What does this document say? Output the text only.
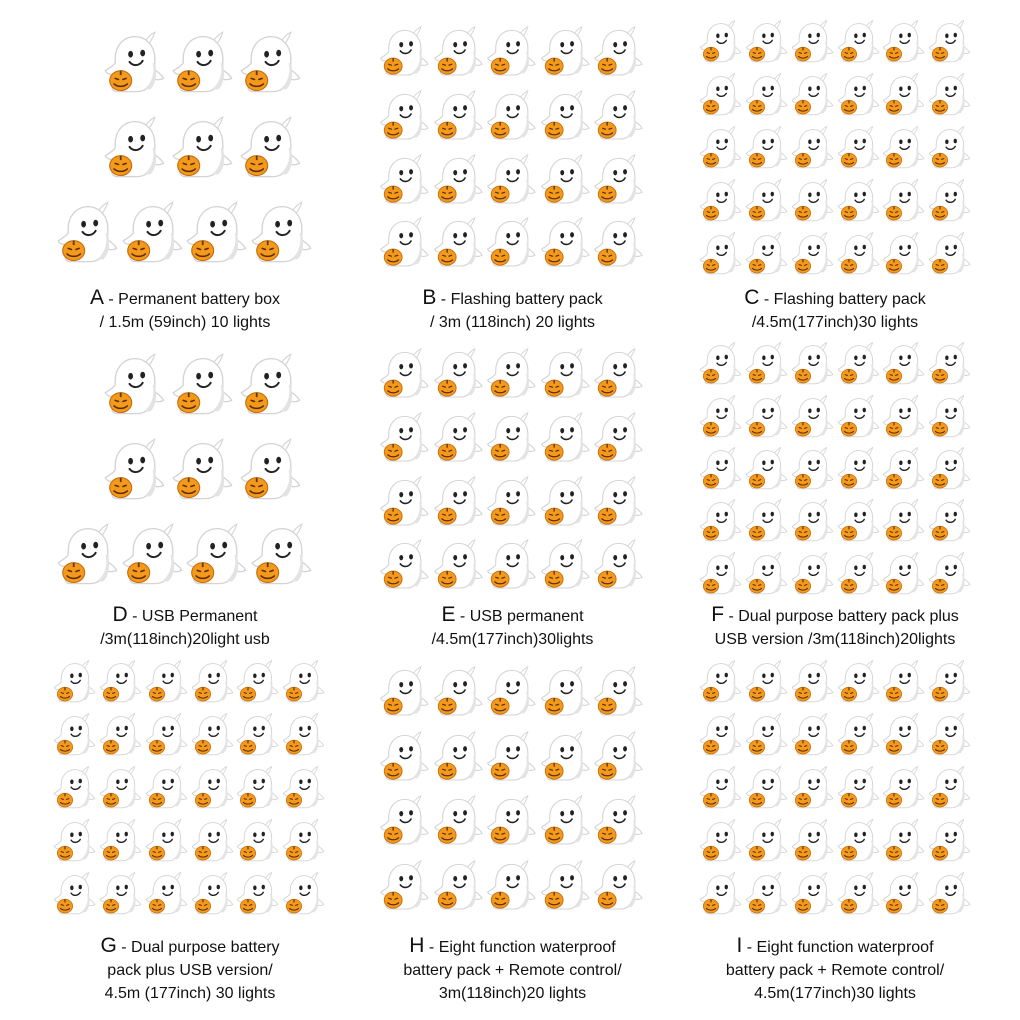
A - Permanent battery box
/ 1.5m (59inch) 10 lights
B - Flashing battery pack
/ 3m (118inch) 20 lights
C - Flashing battery pack
/4.5m(177inch)30 lights
D - USB Permanent
/3m(118inch)20light usb
E - USB permanent
/4.5m(177inch)30lights
F - Dual purpose battery pack plus
USB version /3m(118inch)20lights
G - Dual purpose battery
pack plus USB version/
4.5m (177inch) 30 lights
H - Eight function waterproof
battery pack + Remote control/
3m(118inch)20 lights
I - Eight function waterproof
battery pack + Remote control/
4.5m(177inch)30 lights
